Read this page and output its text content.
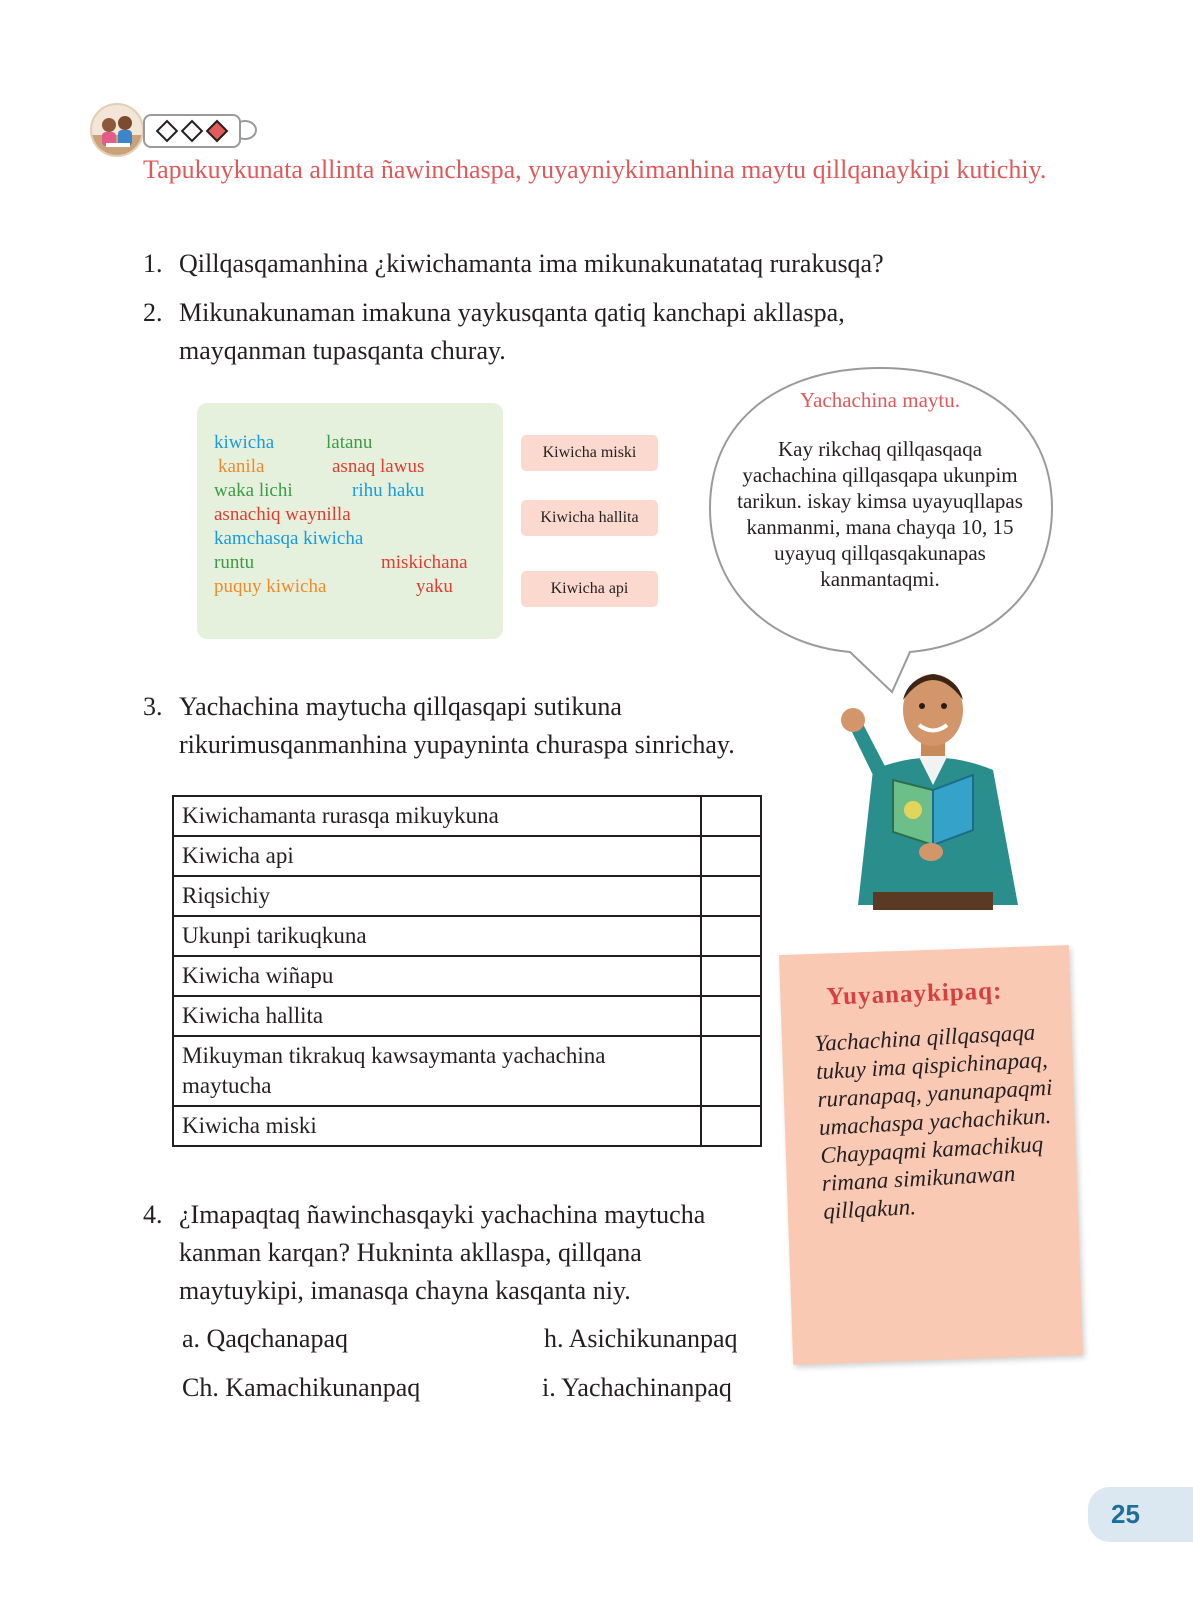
Tapukuykunata allinta ñawinchaspa, yuyayniykimanhina maytu qillqanaykipi kutichiy.
1. Qillqasqamanhina ¿kiwichamanta ima mikunakunatataq rurakusqa?
2. Mikunakunaman imakuna yaykusqanta qatiq kanchapi akllaspa,
mayqanman tupasqanta churay.
kiwicha	latanu
kanila	asnaq lawus
waka lichi	rihu haku
asnachiq waynilla
kamchasqa kiwicha
runtu	miskichana
puquy kiwicha	yaku
Kiwicha miski
Kiwicha hallita
Kiwicha api
Yachachina maytu.
Kay rikchaq qillqasqaqa yachachina qillqasqapa ukunpim tarikun. iskay kimsa uyayuqllapas kanmanmi, mana chayqa 10, 15 uyayuq qillqasqakunapas kanmantaqmi.
3. Yachachina maytucha qillqasqapi sutikuna
rikurimusqanmanhina yupayninta churaspa sinrichay.
Kiwichamanta rurasqa mikuykuna	
Kiwicha api	
Riqsichiy	
Ukunpi tarikuqkuna	
Kiwicha wiñapu	
Kiwicha hallita	
Mikuyman tikrakuq kawsaymanta yachachina maytucha	
Kiwicha miski	
Yuyanaykipaq:
Yachachina qillqasqaqa tukuy ima qispichinapaq, ruranapaq, yanunapaqmi umachaspa yachachikun. Chaypaqmi kamachikuq rimana simikunawan qillqakun.
4. ¿Imapaqtaq ñawinchasqayki yachachina maytucha
kanman karqan? Hukninta akllaspa, qillqana
maytuykipi, imanasqa chayna kasqanta niy.
a. Qaqchanapaq	h. Asichikunanpaq
Ch. Kamachikunanpaq	i. Yachachinanpaq
25
